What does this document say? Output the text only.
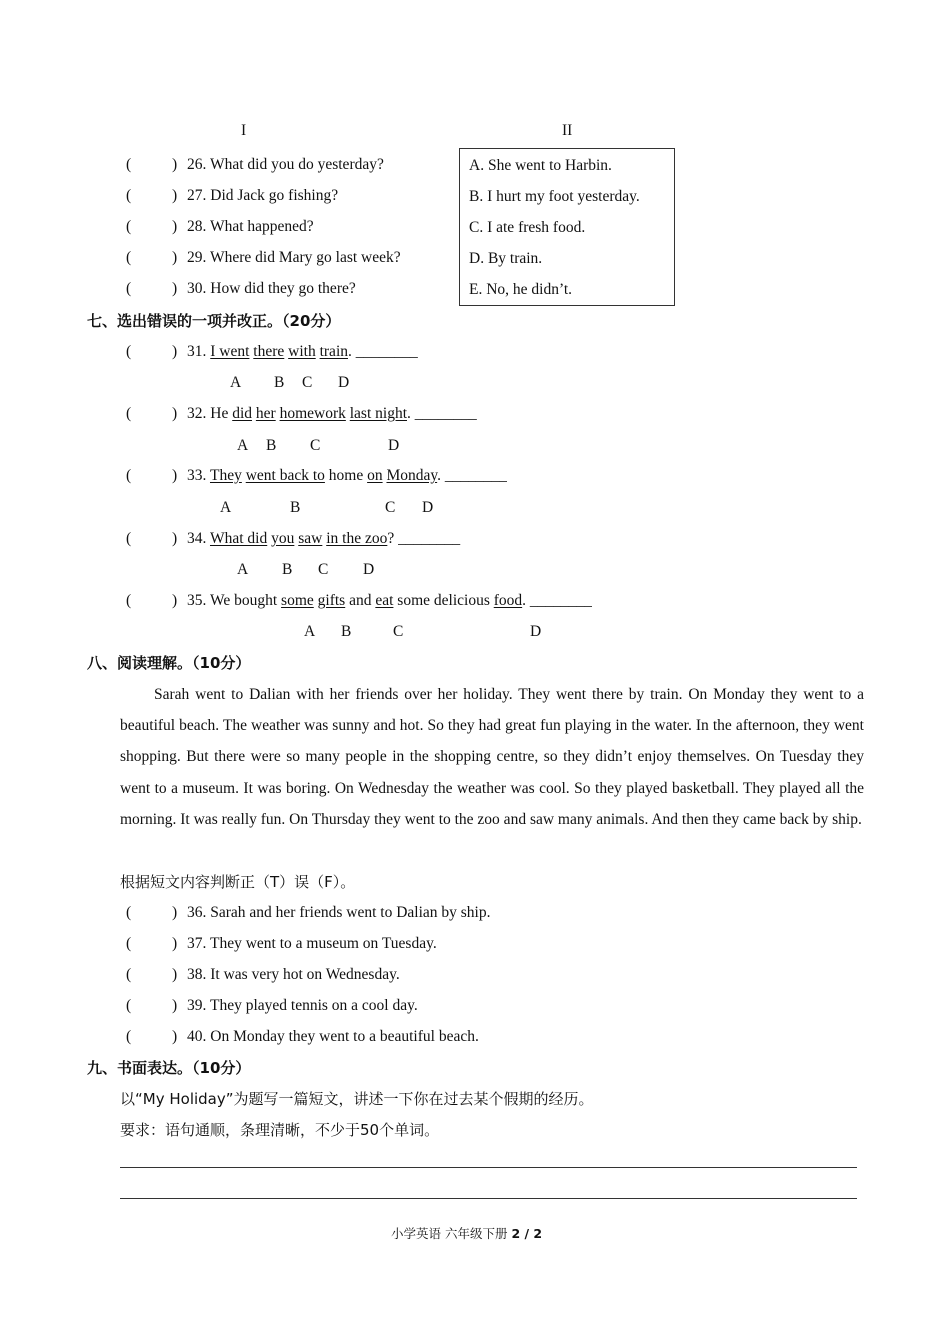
I	II
(	) 26. What did you do yesterday?
(	) 27. Did Jack go fishing?
(	) 28. What happened?
(	) 29. Where did Mary go last week?
(	) 30. How did they go there?
A. She went to Harbin.
B. I hurt my foot yesterday.
C. I ate fresh food.
D. By train.
E. No, he didn’t.
七、选出错误的一项并改正。（20分）
(	) 31. I went there with train. ________
A B C D
(	) 32. He did her homework last night. ________
A B C	D
(	) 33. They went back to home on Monday. ________
A	B	C D
(	) 34. What did you saw in the zoo? ________
A B C D
(	) 35. We bought some gifts and eat some delicious food. ________
A B	C	D
八、阅读理解。（10分）
Sarah went to Dalian with her friends over her holiday. They went there by train. On Monday they went to a beautiful beach. The weather was sunny and hot. So they had great fun playing in the water. In the afternoon, they went shopping. But there were so many people in the shopping centre, so they didn’t enjoy themselves. On Tuesday they went to a museum. It was boring. On Wednesday the weather was cool. So they played basketball. They played all the morning. It was really fun. On Thursday they went to the zoo and saw many animals. And then they came back by ship.
根据短文内容判断正（T）误（F）。
(	) 36. Sarah and her friends went to Dalian by ship.
(	) 37. They went to a museum on Tuesday.
(	) 38. It was very hot on Wednesday.
(	) 39. They played tennis on a cool day.
(	) 40. On Monday they went to a beautiful beach.
九、书面表达。（10分）
以“My Holiday”为题写一篇短文，讲述一下你在过去某个假期的经历。
要求：语句通顺，条理清晰，不少于50个单词。
小学英语 六年级下册 2 / 2
